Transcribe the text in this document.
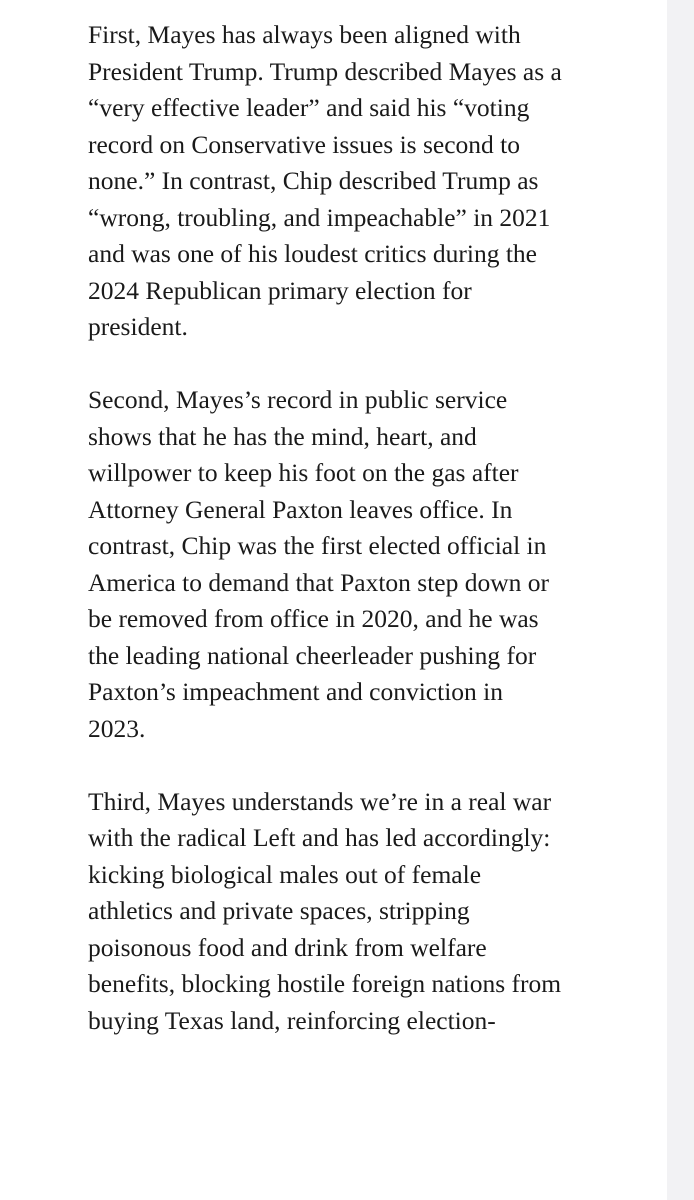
First, Mayes has always been aligned with
President Trump. Trump described Mayes as a
“very effective leader” and said his “voting
record on Conservative issues is second to
none.” In contrast, Chip described Trump as
“wrong, troubling, and impeachable” in 2021
and was one of his loudest critics during the
2024 Republican primary election for
president.

Second, Mayes’s record in public service
shows that he has the mind, heart, and
willpower to keep his foot on the gas after
Attorney General Paxton leaves office. In
contrast, Chip was the first elected official in
America to demand that Paxton step down or
be removed from office in 2020, and he was
the leading national cheerleader pushing for
Paxton’s impeachment and conviction in
2023.

Third, Mayes understands we’re in a real war
with the radical Left and has led accordingly:
kicking biological males out of female
athletics and private spaces, stripping
poisonous food and drink from welfare
benefits, blocking hostile foreign nations from
buying Texas land, reinforcing election-
